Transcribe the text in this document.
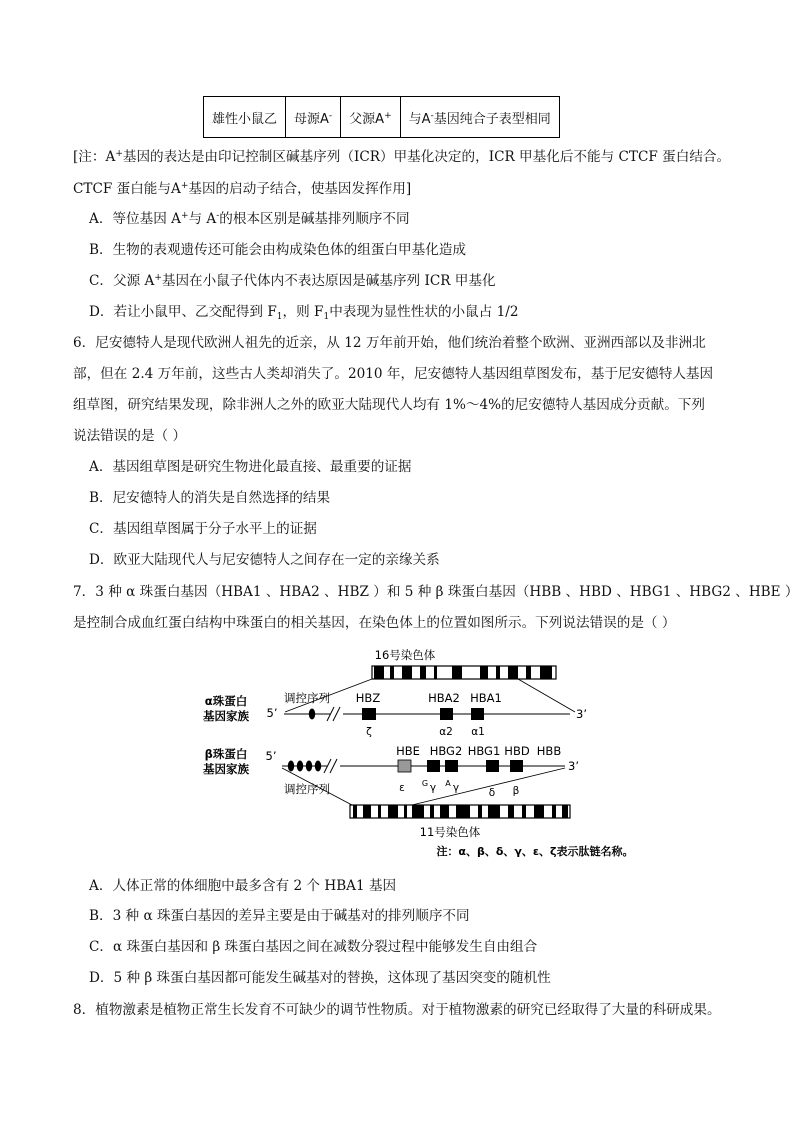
雄性小鼠乙	母源A-	父源A+	与A-基因纯合子表型相同
[注：A+基因的表达是由印记控制区碱基序列（ICR）甲基化决定的，ICR 甲基化后不能与 CTCF 蛋白结合。
CTCF 蛋白能与A+基因的启动子结合，使基因发挥作用]
A．等位基因 A+与 A-的根本区别是碱基排列顺序不同
B．生物的表观遗传还可能会由构成染色体的组蛋白甲基化造成
C．父源 A+基因在小鼠子代体内不表达原因是碱基序列 ICR 甲基化
D．若让小鼠甲、乙交配得到 $F_1$，则 $F_1$中表现为显性性状的小鼠占 1/2
6．尼安德特人是现代欧洲人祖先的近亲，从 12 万年前开始，他们统治着整个欧洲、亚洲西部以及非洲北
部，但在 2.4 万年前，这些古人类却消失了。2010 年，尼安德特人基因组草图发布，基于尼安德特人基因
组草图，研究结果发现，除非洲人之外的欧亚大陆现代人均有 1%～4%的尼安德特人基因成分贡献。下列
说法错误的是（ ）
A．基因组草图是研究生物进化最直接、最重要的证据
B．尼安德特人的消失是自然选择的结果
C．基因组草图属于分子水平上的证据
D．欧亚大陆现代人与尼安德特人之间存在一定的亲缘关系
7．3 种 α 珠蛋白基因（HBA1 、HBA2 、HBZ ）和 5 种 β 珠蛋白基因（HBB 、HBD 、HBG1 、HBG2 、HBE ）
是控制合成血红蛋白结构中珠蛋白的相关基因，在染色体上的位置如图所示。下列说法错误的是（ ）
16号染色体
α珠蛋白
基因家族
调控序列
5’
HBZ	HBA2 HBA1
3’
ζ	α2 α1
β珠蛋白
基因家族
5’	HBE HBG2 HBG1 HBD HBB
3’
ε G γ A γ	δ β
调控序列
11号染色体
注：α、β、δ、γ、ε、ζ表示肽链名称。
A．人体正常的体细胞中最多含有 2 个 HBA1 基因
B．3 种 α 珠蛋白基因的差异主要是由于碱基对的排列顺序不同
C．α 珠蛋白基因和 β 珠蛋白基因之间在减数分裂过程中能够发生自由组合
D．5 种 β 珠蛋白基因都可能发生碱基对的替换，这体现了基因突变的随机性
8．植物激素是植物正常生长发育不可缺少的调节性物质。对于植物激素的研究已经取得了大量的科研成果。
